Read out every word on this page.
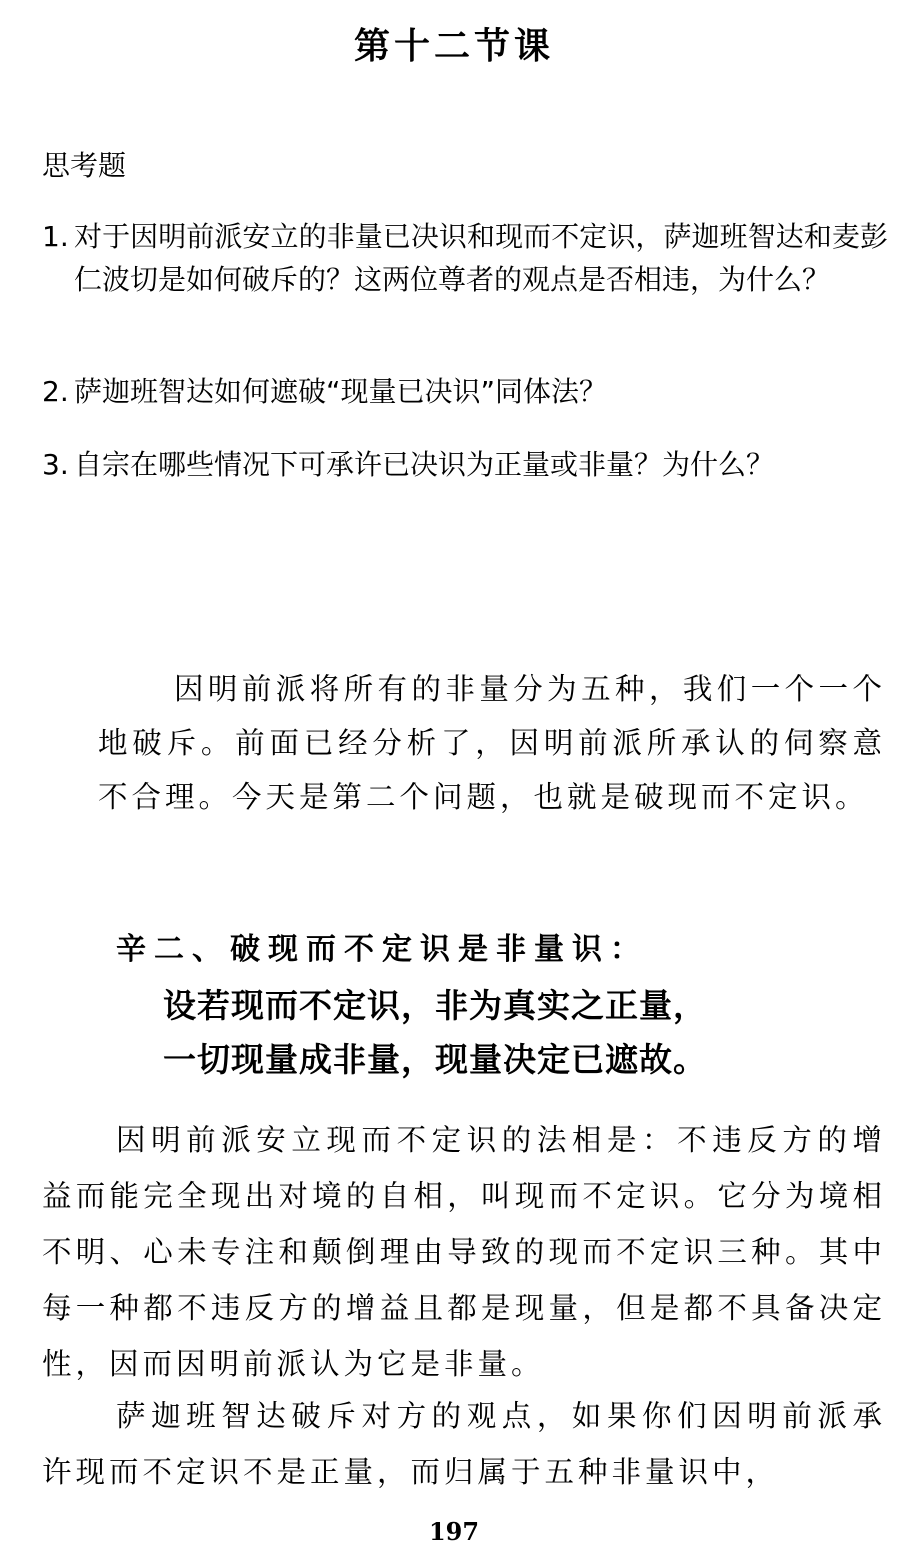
第十二节课
思考题
1. 对于因明前派安立的非量已决识和现而不定识，萨迦班智达和麦彭仁波切是如何破斥的？这两位尊者的观点是否相违，为什么？
2. 萨迦班智达如何遮破“现量已决识”同体法？
3. 自宗在哪些情况下可承许已决识为正量或非量？为什么？

因明前派将所有的非量分为五种，我们一个一个地破斥。前面已经分析了，因明前派所承认的伺察意不合理。今天是第二个问题，也就是破现而不定识。

辛二、破现而不定识是非量识：
设若现而不定识，非为真实之正量，
一切现量成非量，现量决定已遮故。

因明前派安立现而不定识的法相是：不违反方的增益而能完全现出对境的自相，叫现而不定识。它分为境相不明、心未专注和颠倒理由导致的现而不定识三种。其中每一种都不违反方的增益且都是现量，但是都不具备决定性，因而因明前派认为它是非量。

萨迦班智达破斥对方的观点，如果你们因明前派承许现而不定识不是正量，而归属于五种非量识中，

197
